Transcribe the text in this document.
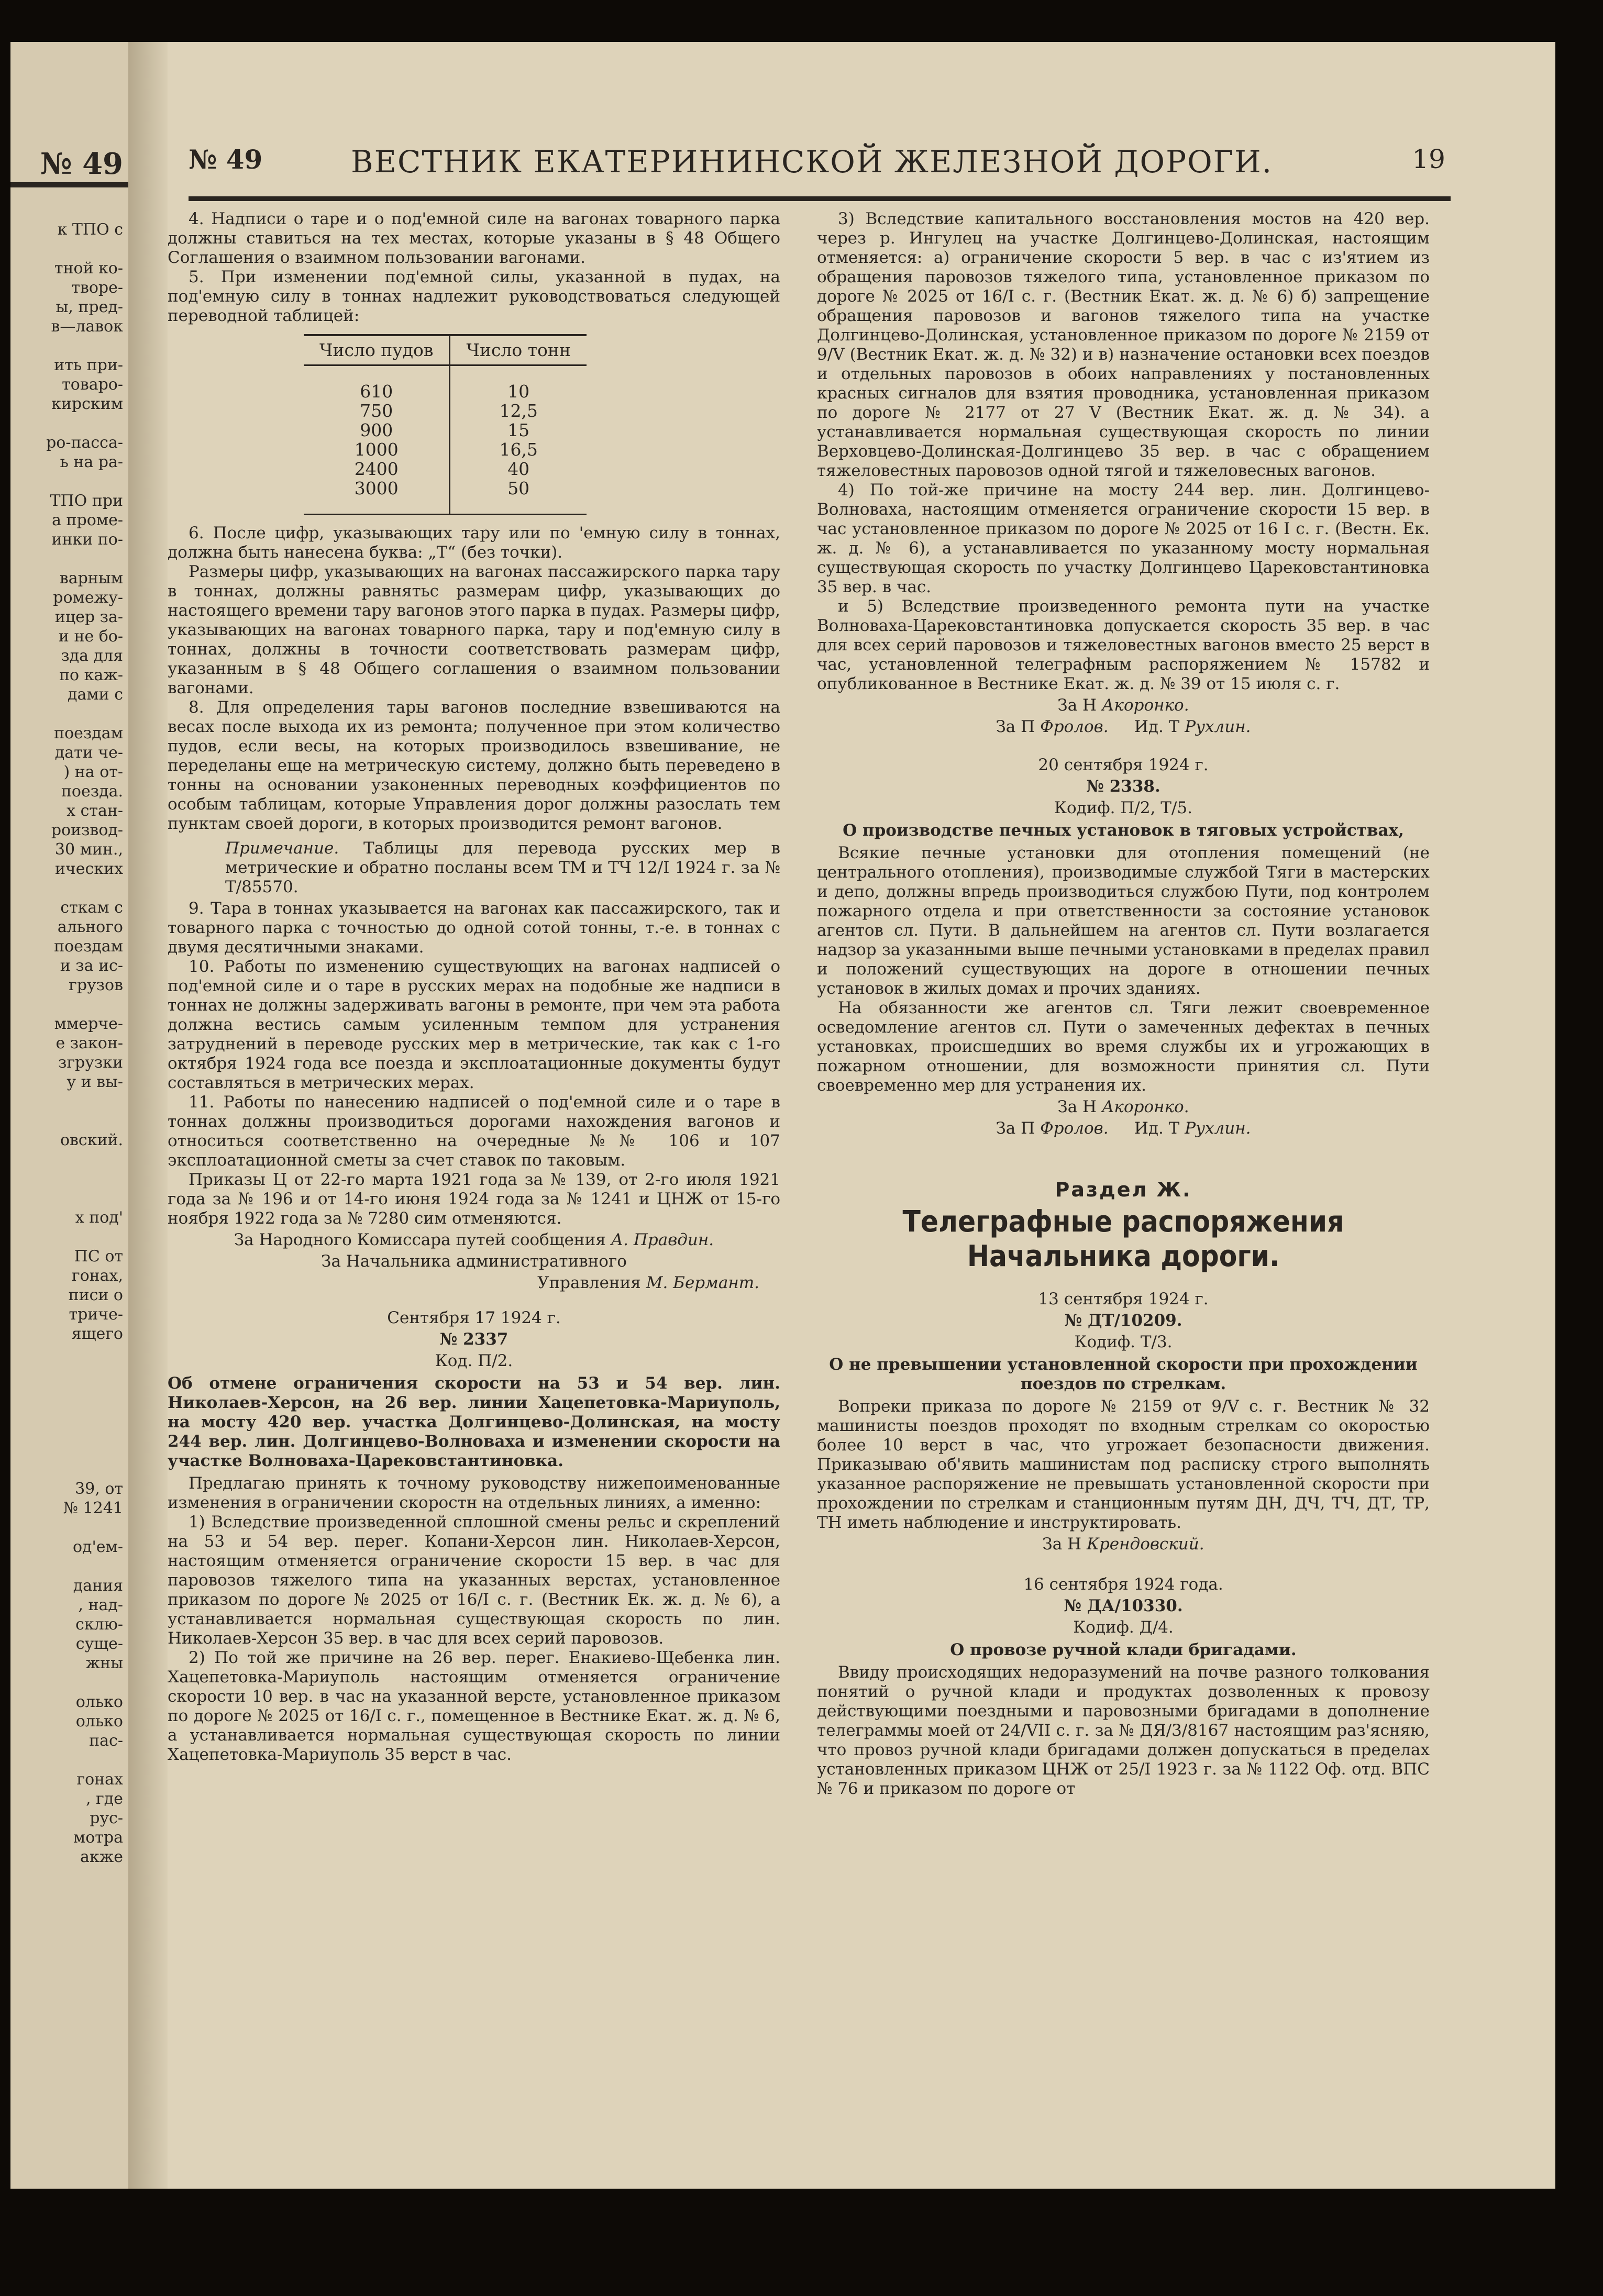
№ 49
к ТПО с
тной ко-
творе-
ы, пред-
в—лавок
ить при-
товаро-
кирским
ро-пасса-
ь на ра-
ТПО при
а проме-
инки по-
варным
ромежу-
ицер за-
и не бо-
зда для
по каж-
дами с
поездам
дати че-
) на от-
поезда.
х стан-
роизвод-
30 мин.,
ических
сткам с
ального
поездам
и за ис-
грузов
ммерче-
е закон-
згрузки
у и вы-
овский.
х под'
ПС от
гонах,
писи о
триче-
ящего
39, от
№ 1241
од'ем-
дания
, над-
склю-
суще-
жны
олько
олько
пас-
гонах
, где
рус-
мотра
акже
№ 49	ВЕСТНИК ЕКАТЕРИНИНСКОЙ ЖЕЛЕЗНОЙ ДОРОГИ.	19

4. Надписи о таре и о под'емной силе на вагонах товарного парка должны ставиться на тех местах, которые указаны в § 48 Общего Соглашения о взаимном пользовании вагонами.

5. При изменении под'емной силы, указанной в пудах, на под'емную силу в тоннах надлежит руководствоваться следующей переводной таблицей:

Число пудов	Число тонн

610	10
750	12,5
900	15
1000	16,5
2400	40
3000	50

6. После цифр, указывающих тару или по 'емную силу в тоннах, должна быть нанесена буква: „Т“ (без точки).

Размеры цифр, указывающих на вагонах пассажирского парка тару в тоннах, должны равнятьс размерам цифр, указывающих до настоящего времени тару вагонов этого парка в пудах. Размеры цифр, указывающих на вагонах товарного парка, тару и под'емную силу в тоннах, должны в точности соответствовать размерам цифр, указанным в § 48 Общего соглашения о взаимном пользовании вагонами.

8. Для определения тары вагонов последние взвешиваются на весах после выхода их из ремонта; полученное при этом количество пудов, если весы, на которых производилось взвешивание, не переделаны еще на метрическую систему, должно быть переведено в тонны на основании узаконенных переводных коэффициентов по особым таблицам, которые Управления дорог должны разослать тем пунктам своей дороги, в которых производится ремонт вагонов.

Примечание. Таблицы для перевода русских мер в метрические и обратно посланы всем ТМ и ТЧ 12/I 1924 г. за № Т/85570.

9. Тара в тоннах указывается на вагонах как пассажирского, так и товарного парка с точностью до одной сотой тонны, т.-е. в тоннах с двумя десятичными знаками.

10. Работы по изменению существующих на вагонах надписей о под'емной силе и о таре в русских мерах на подобные же надписи в тоннах не должны задерживать вагоны в ремонте, при чем эта работа должна вестись самым усиленным темпом для устранения затруднений в переводе русских мер в метрические, так как с 1-го октября 1924 года все поезда и эксплоатационные документы будут составляться в метрических мерах.

11. Работы по нанесению надписей о под'емной силе и о таре в тоннах должны производиться дорогами нахождения вагонов и относиться соответственно на очередные №№ 106 и 107 эксплоатационной сметы за счет ставок по таковым.

Приказы Ц от 22-го марта 1921 года за № 139, от 2-го июля 1921 года за № 196 и от 14-го июня 1924 года за № 1241 и ЦНЖ от 15-го ноября 1922 года за № 7280 сим отменяются.

За Народного Комиссара путей сообщения А. Правдин.

За Начальника административного

Управления М. Бермант.

Сентября 17 1924 г.

№ 2337

Код. П/2.

Об отмене ограничения скорости на 53 и 54 вер. лин. Николаев-Херсон, на 26 вер. линии Хацепетовка-Мариуполь, на мосту 420 вер. участка Долгинцево-Долинская, на мосту 244 вер. лин. Долгинцево-Волноваха и изменении скорости на участке Волноваха-Царековстантиновка.

Предлагаю принять к точному руководству нижепоименованные изменения в ограничении скоростн на отдельных линиях, а именно:

1) Вследствие произведенной сплошной смены рельс и скреплений на 53 и 54 вер. перег. Копани-Херсон лин. Николаев-Херсон, настоящим отменяется ограничение скорости 15 вер. в час для паровозов тяжелого типа на указанных верстах, установленное приказом по дороге № 2025 от 16/I с. г. (Вестник Ек. ж. д. № 6), а устанавливается нормальная существующая скорость по лин. Николаев-Херсон 35 вер. в час для всех серий паровозов.

2) По той же причине на 26 вер. перег. Енакиево-Щебенка лин. Хацепетовка-Мариуполь настоящим отменяется ограничение скорости 10 вер. в час на указанной версте, установленное приказом по дороге № 2025 от 16/I с. г., помещенное в Вестнике Екат. ж. д. № 6, а устанавливается нормальная существующая скорость по линии Хацепетовка-Мариуполь 35 верст в час.

3) Вследствие капитального восстановления мостов на 420 вер. через р. Ингулец на участке Долгинцево-Долинская, настоящим отменяется: а) ограничение скорости 5 вер. в час с из'ятием из обращения паровозов тяжелого типа, установленное приказом по дороге № 2025 от 16/I с. г. (Вестник Екат. ж. д. № 6) б) запрещение обращения паровозов и вагонов тяжелого типа на участке Долгинцево-Долинская, установленное приказом по дороге № 2159 от 9/V (Вестник Екат. ж. д. № 32) и в) назначение остановки всех поездов и отдельных паровозов в обоих направлениях у постановленных красных сигналов для взятия проводника, установленная приказом по дороге № 2177 от 27 V (Вестник Екат. ж. д. № 34). а устанавливается нормальная существующая скорость по линии Верховцево-Долинская-Долгинцево 35 вер. в час с обращением тяжеловестных паровозов одной тягой и тяжеловесных вагонов.

4) По той-же причине на мосту 244 вер. лин. Долгинцево-Волноваха, настоящим отменяется ограничение скорости 15 вер. в час установленное приказом по дороге № 2025 от 16 I с. г. (Вестн. Ек. ж. д. № 6), а устанавливается по указанному мосту нормальная существующая скорость по участку Долгинцево Царековстантиновка 35 вер. в час.

и 5) Вследствие произведенного ремонта пути на участке Волноваха-Царековстантиновка допускается скорость 35 вер. в час для всех серий паровозов и тяжеловестных вагонов вместо 25 верст в час, установленной телеграфным распоряжением № 15782 и опубликованное в Вестнике Екат. ж. д. № 39 от 15 июля с. г.

За Н Акоронко.

За П Фролов. Ид. Т Рухлин.

20 сентября 1924 г.

№ 2338.

Кодиф. П/2, Т/5.

О производстве печных установок в тяговых устройствах,

Всякие печные установки для отопления помещений (не центрального отопления), производимые службой Тяги в мастерских и депо, должны впредь производиться службою Пути, под контролем пожарного отдела и при ответственности за состояние установок агентов сл. Пути. В дальнейшем на агентов сл. Пути возлагается надзор за указанными выше печными установками в пределах правил и положений существующих на дороге в отношении печных установок в жилых домах и прочих зданиях.

На обязанности же агентов сл. Тяги лежит своевременное осведомление агентов сл. Пути о замеченных дефектах в печных установках, происшедших во время службы их и угрожающих в пожарном отношении, для возможности принятия сл. Пути своевременно мер для устранения их.

За Н Акоронко.

За П Фролов. Ид. Т Рухлин.

Раздел Ж.
Телеграфные распоряжения Начальника дороги.

13 сентября 1924 г.

№ ДТ/10209.

Кодиф. Т/3.

О не превышении установленной скорости при прохождении поездов по стрелкам.

Вопреки приказа по дороге № 2159 от 9/V с. г. Вестник № 32 машинисты поездов проходят по входным стрелкам со окоростью более 10 верст в час, что угрожает безопасности движения. Приказываю об'явить машинистам под расписку строго выполнять указанное распоряжение не превышать установленной скорости при прохождении по стрелкам и станционным путям ДН, ДЧ, ТЧ, ДТ, ТР, ТН иметь наблюдение и инструктировать.

За Н Крендовский.

16 сентября 1924 года.

№ ДА/10330.

Кодиф. Д/4.

О провозе ручной клади бригадами.

Ввиду происходящих недоразумений на почве разного толкования понятий о ручной клади и продуктах дозволенных к провозу действующими поездными и паровозными бригадами в дополнение телеграммы моей от 24/VII с. г. за № ДЯ/3/8167 настоящим раз'ясняю, что провоз ручной клади бригадами должен допускаться в пределах установленных приказом ЦНЖ от 25/I 1923 г. за № 1122 Оф. отд. ВПС № 76 и приказом по дороге от
